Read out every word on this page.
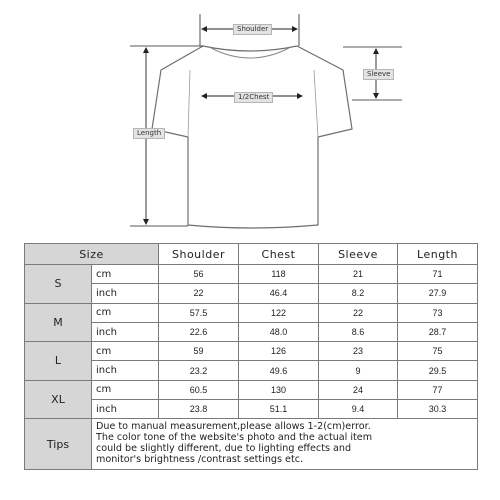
Shoulder
Sleeve
1/2Chest
Length
Size		Shoulder	Chest	Sleeve	Length
S	cm	56	118	21	71
	inch	22	46.4	8.2	27.9
M	cm	57.5	122	22	73
	inch	22.6	48.0	8.6	28.7
L	cm	59	126	23	75
	inch	23.2	49.6	9	29.5
XL	cm	60.5	130	24	77
	inch	23.8	51.1	9.4	30.3
Tips	Due to manual measurement,please allows 1-2(cm)error.
The color tone of the website's photo and the actual item
could be slightly different, due to lighting effects and
monitor's brightness /contrast settings etc.				
